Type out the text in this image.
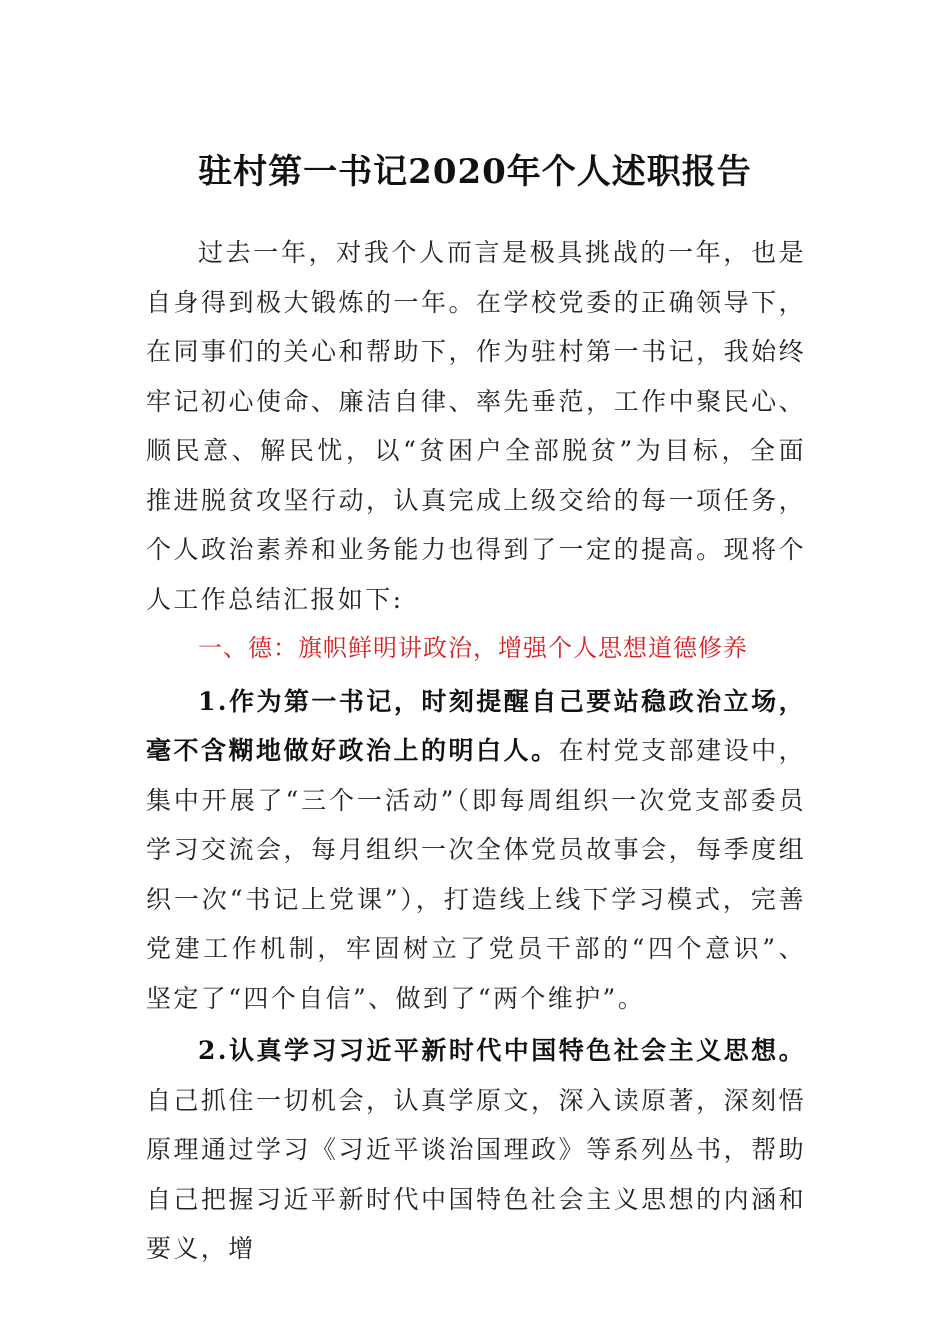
驻村第一书记2020年个人述职报告

过去一年，对我个人而言是极具挑战的一年，也是自身得到极大锻炼的一年。在学校党委的正确领导下，在同事们的关心和帮助下，作为驻村第一书记，我始终牢记初心使命、廉洁自律、率先垂范，工作中聚民心、顺民意、解民忧，以“贫困户全部脱贫”为目标，全面推进脱贫攻坚行动，认真完成上级交给的每一项任务，个人政治素养和业务能力也得到了一定的提高。现将个人工作总结汇报如下:

一、德：旗帜鲜明讲政治，增强个人思想道德修养

1.作为第一书记，时刻提醒自己要站稳政治立场，毫不含糊地做好政治上的明白人。在村党支部建设中，集中开展了“三个一活动”（即每周组织一次党支部委员学习交流会，每月组织一次全体党员故事会，每季度组织一次“书记上党课”），打造线上线下学习模式，完善党建工作机制，牢固树立了党员干部的“四个意识”、坚定了“四个自信”、做到了“两个维护”。

2.认真学习习近平新时代中国特色社会主义思想。自己抓住一切机会，认真学原文，深入读原著，深刻悟原理通过学习《习近平谈治国理政》等系列丛书，帮助自己把握习近平新时代中国特色社会主义思想的内涵和要义，增
